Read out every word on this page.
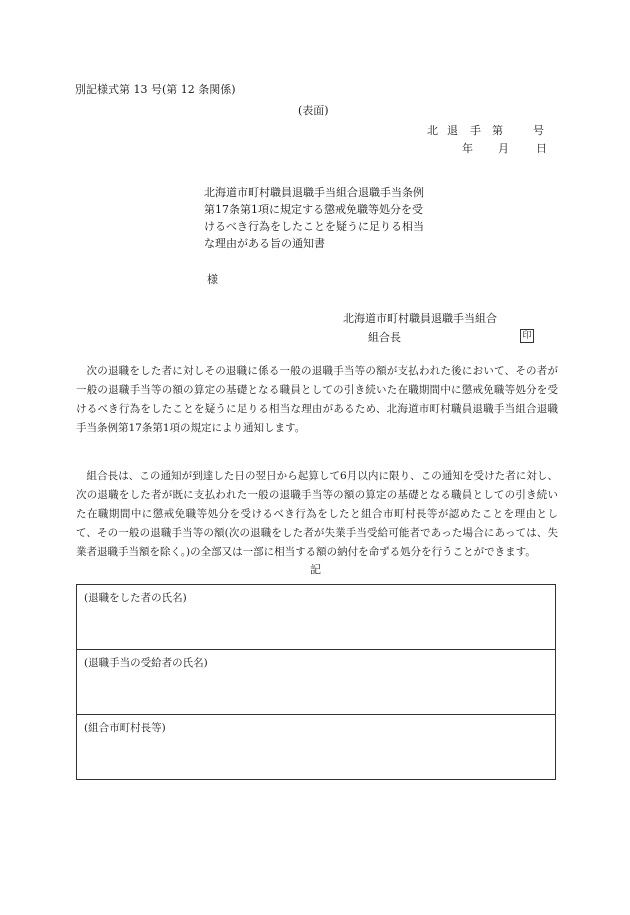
別記様式第 13 号(第 12 条関係)
(表面)
北 退	手	第	号
年	月	日
北海道市町村職員退職手当組合退職手当条例
第17条第1項に規定する懲戒免職等処分を受
けるべき行為をしたことを疑うに足りる相当
な理由がある旨の通知書
様
北海道市町村職員退職手当組合
組合長	印
次の退職をした者に対しその退職に係る一般の退職手当等の額が支払われた後において、その者が一般の退職手当等の額の算定の基礎となる職員としての引き続いた在職期間中に懲戒免職等処分を受けるべき行為をしたことを疑うに足りる相当な理由があるため、北海道市町村職員退職手当組合退職手当条例第17条第1項の規定により通知します。
組合長は、この通知が到達した日の翌日から起算して6月以内に限り、この通知を受けた者に対し、次の退職をした者が既に支払われた一般の退職手当等の額の算定の基礎となる職員としての引き続いた在職期間中に懲戒免職等処分を受けるべき行為をしたと組合市町村長等が認めたことを理由として、その一般の退職手当等の額(次の退職をした者が失業手当受給可能者であった場合にあっては、失業者退職手当額を除く。)の全部又は一部に相当する額の納付を命ずる処分を行うことができます。
記
(退職をした者の氏名)
(退職手当の受給者の氏名)
(組合市町村長等)
